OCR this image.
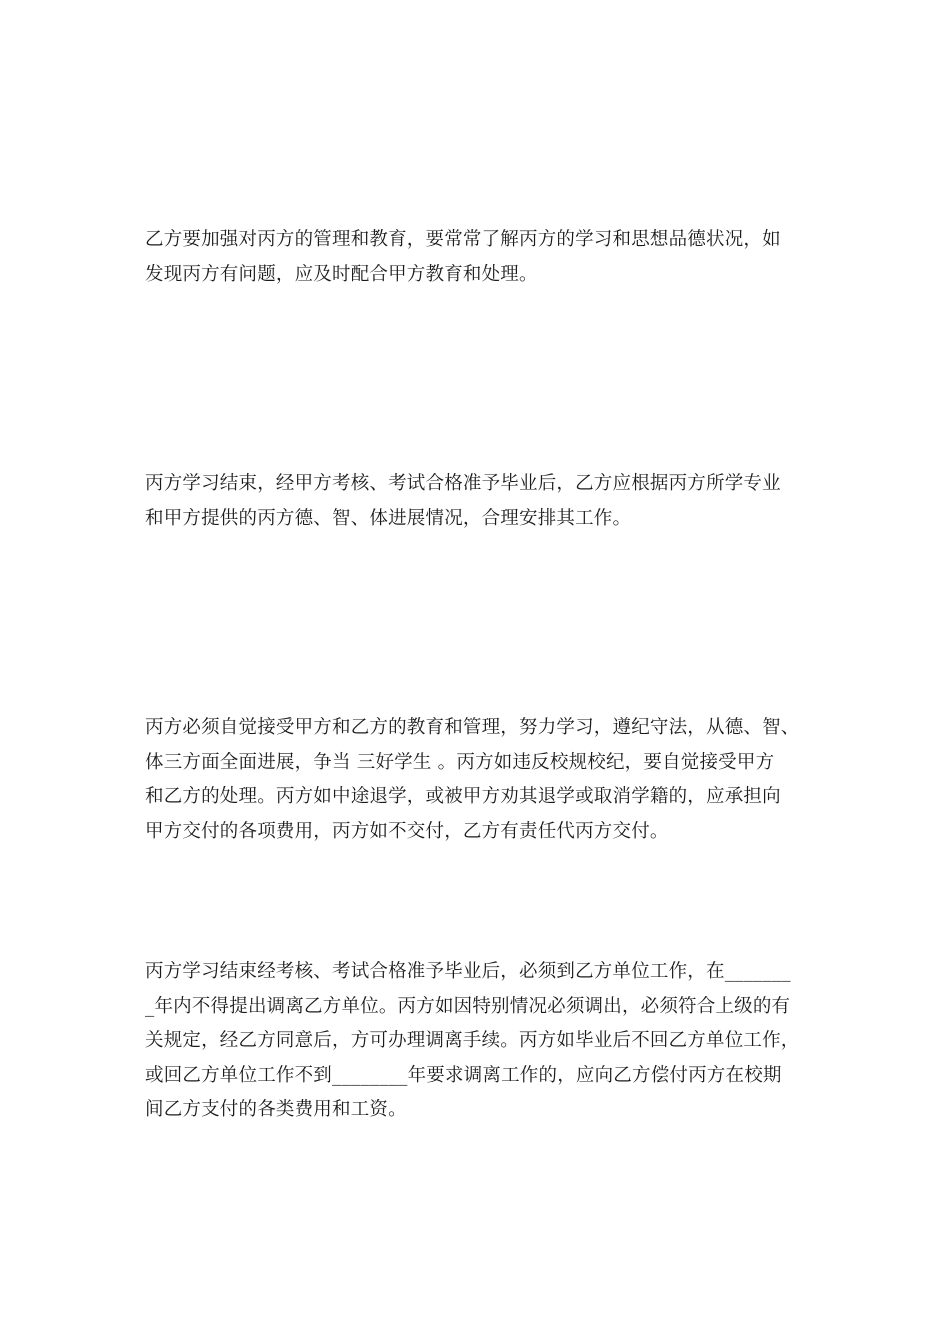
乙方要加强对丙方的管理和教育，要常常了解丙方的学习和思想品德状况，如
发现丙方有问题，应及时配合甲方教育和处理。
丙方学习结束，经甲方考核、考试合格准予毕业后，乙方应根据丙方所学专业
和甲方提供的丙方德、智、体进展情况，合理安排其工作。
丙方必须自觉接受甲方和乙方的教育和管理，努力学习，遵纪守法，从德、智、
体三方面全面进展，争当 三好学生 。丙方如违反校规校纪，要自觉接受甲方
和乙方的处理。丙方如中途退学，或被甲方劝其退学或取消学籍的，应承担向
甲方交付的各项费用，丙方如不交付，乙方有责任代丙方交付。
丙方学习结束经考核、考试合格准予毕业后，必须到乙方单位工作，在_______
_年内不得提出调离乙方单位。丙方如因特别情况必须调出，必须符合上级的有
关规定，经乙方同意后，方可办理调离手续。丙方如毕业后不回乙方单位工作，
或回乙方单位工作不到________年要求调离工作的，应向乙方偿付丙方在校期
间乙方支付的各类费用和工资。
